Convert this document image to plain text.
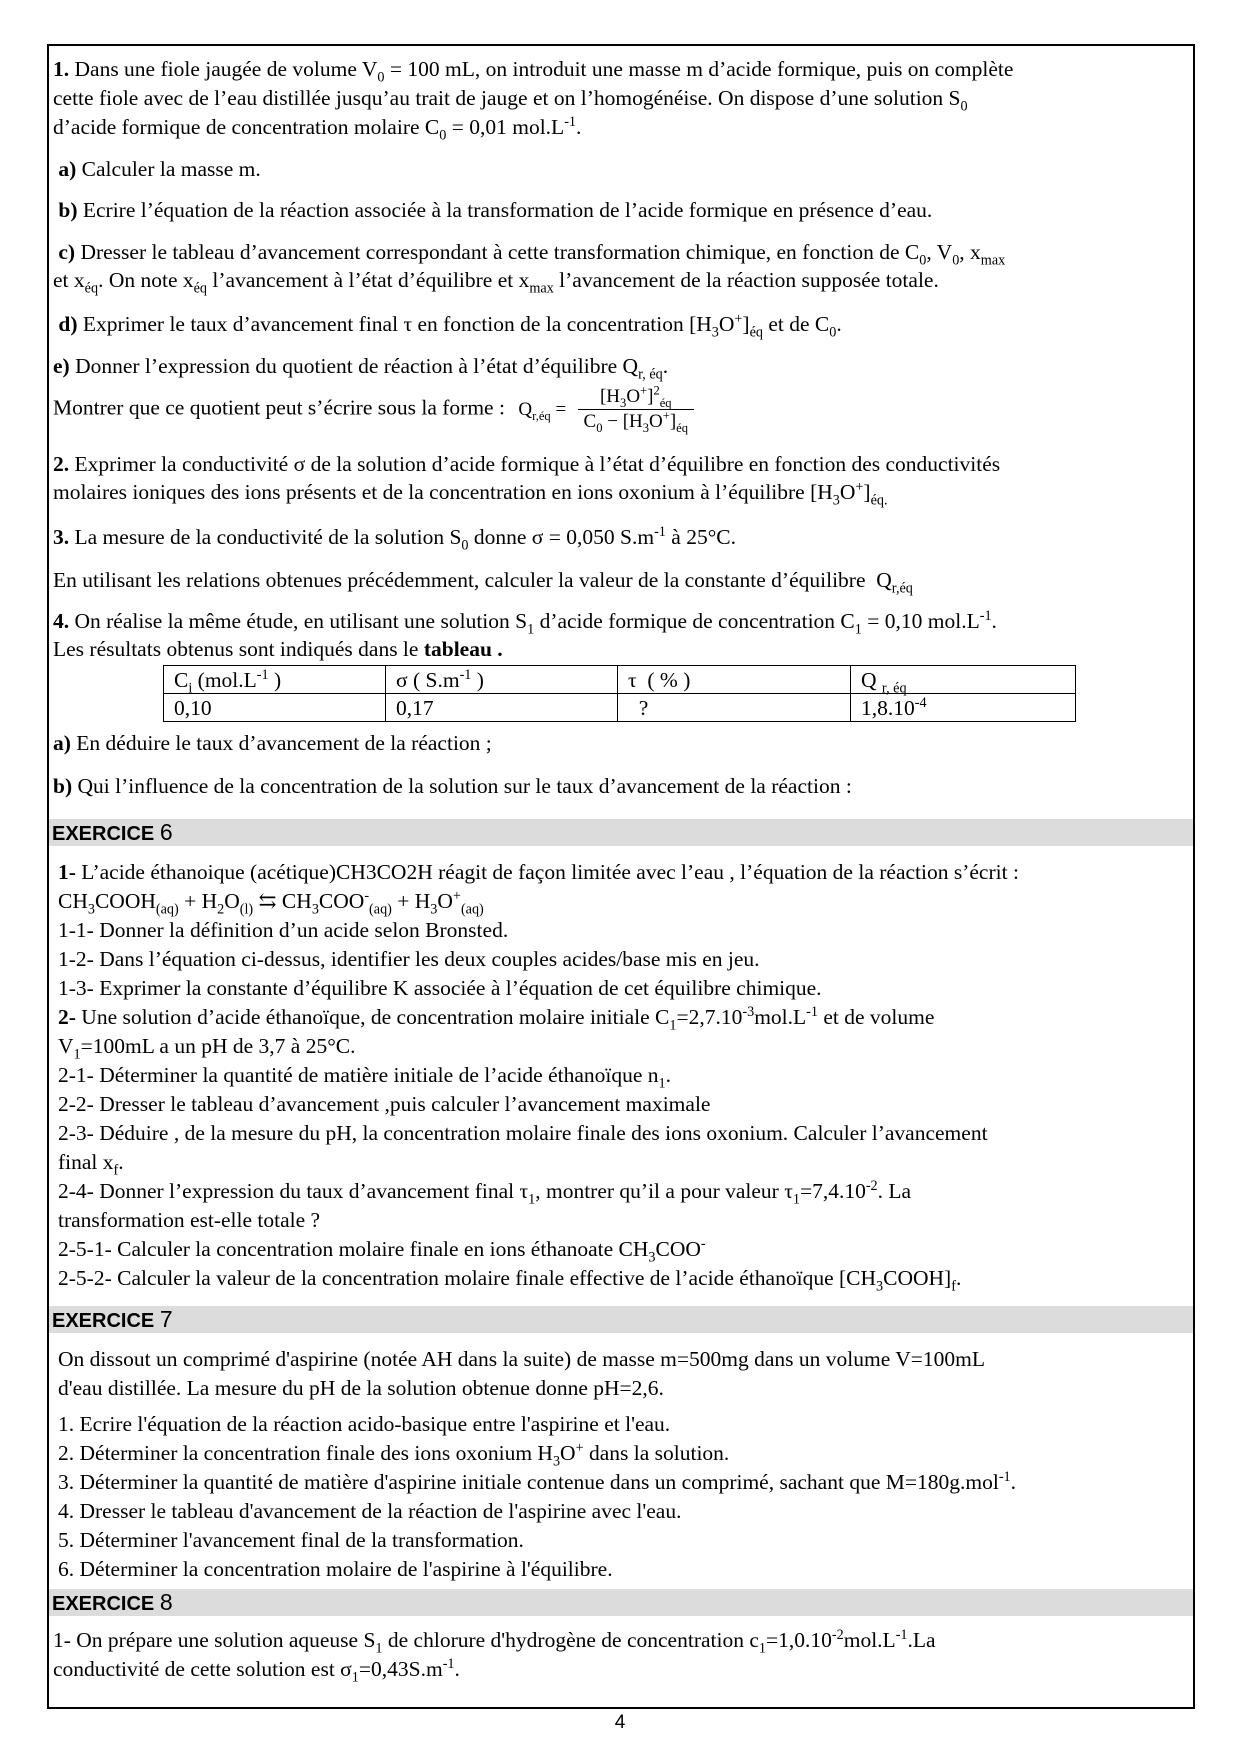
1. Dans une fiole jaugée de volume $V_0 = 100$ mL, on introduit une masse m d’acide formique, puis on complète
cette fiole avec de l’eau distillée jusqu’au trait de jauge et on l’homogénéise. On dispose d’une solution $S_0$
d’acide formique de concentration molaire $C_0 = 0,01$ $mol.L^{-1}$.
a) Calculer la masse m.
b) Ecrire l’équation de la réaction associée à la transformation de l’acide formique en présence d’eau.
c) Dresser le tableau d’avancement correspondant à cette transformation chimique, en fonction de $C_0$, $V_0$, $x_{max}$
et $x_{éq}$. On note $x_{éq}$ l’avancement à l’état d’équilibre et $x_{max}$ l’avancement de la réaction supposée totale.
d) Exprimer le taux d’avancement final τ en fonction de la concentration $[H_3O^+]_{éq}$ et de $C_0$.
e) Donner l’expression du quotient de réaction à l’état d’équilibre $Q_{r, éq}$.
Montrer que ce quotient peut s’écrire sous la forme : $Q_{r,éq} = \frac{[H_3O^+]^2_{éq}}{C_0 - [H_3O^+]_{éq}}$
2. Exprimer la conductivité σ de la solution d’acide formique à l’état d’équilibre en fonction des conductivités
molaires ioniques des ions présents et de la concentration en ions oxonium à l’équilibre $[H_3O^+]_{éq.}$
3. La mesure de la conductivité de la solution $S_0$ donne σ = 0,050 $S.m^{-1}$ à 25°C.
En utilisant les relations obtenues précédemment, calculer la valeur de la constante d’équilibre  $Q_{r,éq}$
4. On réalise la même étude, en utilisant une solution $S_1$ d’acide formique de concentration $C_1 = 0,10$ $mol.L^{-1}$.
Les résultats obtenus sont indiqués dans le tableau .
$C_i$ ($mol.L^{-1}$ )	σ ( $S.m^{-1}$ )	τ  ( % )	Q $_{r, éq}$
0,10	0,17	?	$1,8.10^{-4}$
a) En déduire le taux d’avancement de la réaction ;
b) Qui l’influence de la concentration de la solution sur le taux d’avancement de la réaction :
EXERCICE 6
1- L’acide éthanoique (acétique)CH3CO2H réagit de façon limitée avec l’eau , l’équation de la réaction s’écrit :
$CH_3COOH_{(aq)} + H_2O_{(l)}$ ⇆ $CH_3COO^-_{(aq)} + H_3O^+_{(aq)}$
1-1- Donner la définition d’un acide selon Bronsted.
1-2- Dans l’équation ci-dessus, identifier les deux couples acides/base mis en jeu.
1-3- Exprimer la constante d’équilibre K associée à l’équation de cet équilibre chimique.
2- Une solution d’acide éthanoïque, de concentration molaire initiale $C_1=2,7.10^{-3}mol.L^{-1}$ et de volume
$V_1=100mL$ a un pH de 3,7 à 25°C.
2-1- Déterminer la quantité de matière initiale de l’acide éthanoïque $n_1$.
2-2- Dresser le tableau d’avancement ,puis calculer l’avancement maximale
2-3- Déduire , de la mesure du pH, la concentration molaire finale des ions oxonium. Calculer l’avancement
final $x_f$.
2-4- Donner l’expression du taux d’avancement final $\tau_1$, montrer qu’il a pour valeur $\tau_1=7,4.10^{-2}$. La
transformation est-elle totale ?
2-5-1- Calculer la concentration molaire finale en ions éthanoate $CH_3COO^-$
2-5-2- Calculer la valeur de la concentration molaire finale effective de l’acide éthanoïque $[CH_3COOH]_f$.
EXERCICE 7
On dissout un comprimé d'aspirine (notée AH dans la suite) de masse m=500mg dans un volume V=100mL
d'eau distillée. La mesure du pH de la solution obtenue donne pH=2,6.
1. Ecrire l'équation de la réaction acido-basique entre l'aspirine et l'eau.
2. Déterminer la concentration finale des ions oxonium $H_3O^+$ dans la solution.
3. Déterminer la quantité de matière d'aspirine initiale contenue dans un comprimé, sachant que M=180g.mol$^{-1}$.
4. Dresser le tableau d'avancement de la réaction de l'aspirine avec l'eau.
5. Déterminer l'avancement final de la transformation.
6. Déterminer la concentration molaire de l'aspirine à l'équilibre.
EXERCICE 8
1- On prépare une solution aqueuse $S_1$ de chlorure d'hydrogène de concentration $c_1=1,0.10^{-2}mol.L^{-1}.La$
conductivité de cette solution est $\sigma_1=0,43S.m^{-1}$.
4
